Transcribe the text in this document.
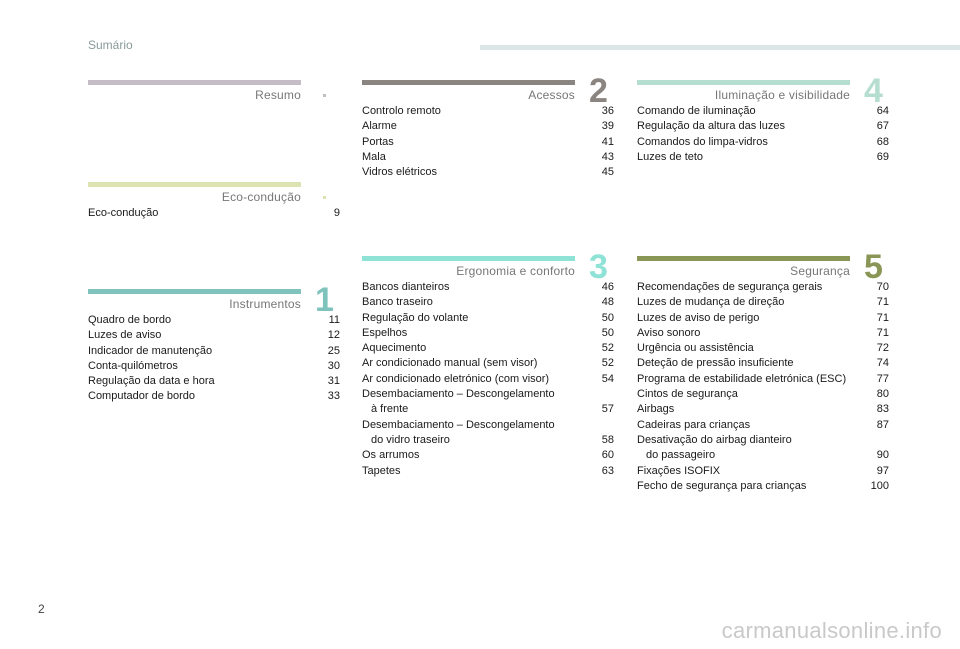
Sumário
Resumo
Eco-condução
Eco-condução	9
Instrumentos 1
Quadro de bordo	11
Luzes de aviso	12
Indicador de manutenção	25
Conta-quilómetros	30
Regulação da data e hora	31
Computador de bordo	33
Acessos 2
Controlo remoto	36
Alarme	39
Portas	41
Mala	43
Vidros elétricos	45
Ergonomia e conforto 3
Bancos dianteiros	46
Banco traseiro	48
Regulação do volante	50
Espelhos	50
Aquecimento	52
Ar condicionado manual (sem visor)	52
Ar condicionado eletrónico (com visor)	54
Desembaciamento – Descongelamento
à frente	57
Desembaciamento – Descongelamento
do vidro traseiro	58
Os arrumos	60
Tapetes	63
Iluminação e visibilidade 4
Comando de iluminação	64
Regulação da altura das luzes	67
Comandos do limpa-vidros	68
Luzes de teto	69
Segurança 5
Recomendações de segurança gerais	70
Luzes de mudança de direção	71
Luzes de aviso de perigo	71
Aviso sonoro	71
Urgência ou assistência	72
Deteção de pressão insuficiente	74
Programa de estabilidade eletrónica (ESC)	77
Cintos de segurança	80
Airbags	83
Cadeiras para crianças	87
Desativação do airbag dianteiro
do passageiro	90
Fixações ISOFIX	97
Fecho de segurança para crianças	100
2
carmanualsonline.info
